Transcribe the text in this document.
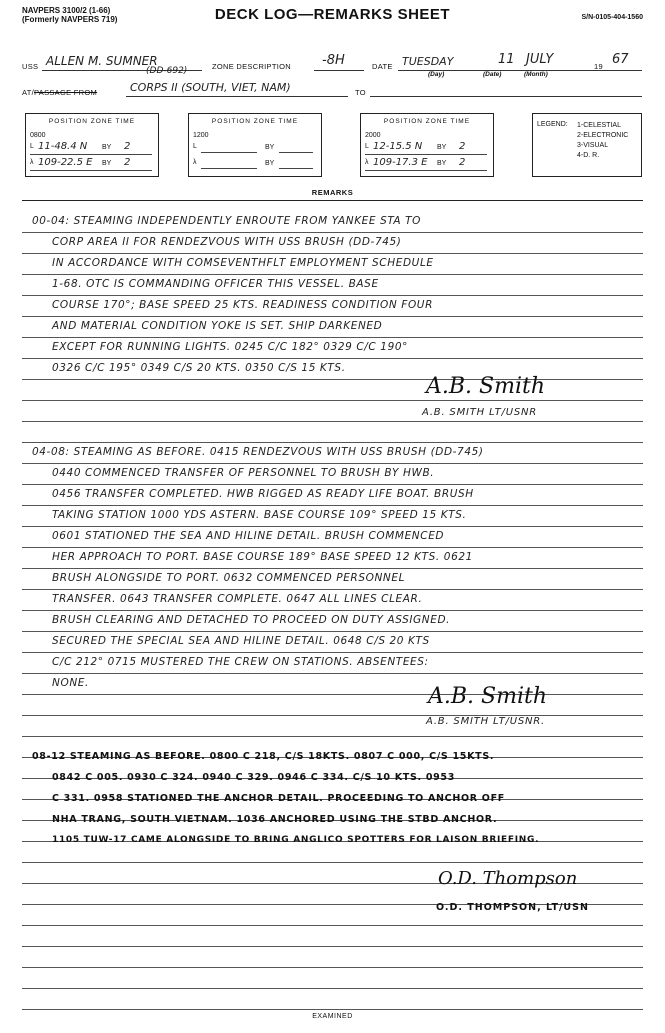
NAVPERS 3100/2 (1-66)
(Formerly NAVPERS 719)	DECK LOG—REMARKS SHEET	S/N-0105-404-1560
USS ALLEN M. SUMNER
(DD-692)	ZONE DESCRIPTION -8H	DATE TUESDAY	11 JULY	19 67
(Day)	(Date)	(Month)
AT/PASSAGE FROM	CORPS II (SOUTH, VIET, NAM)	TO
POSITION ZONE TIME
0800
L 11-48.4 N BY 2
λ 109-22.5 E BY 2
POSITION ZONE TIME
1200
L	BY
λ	BY
POSITION ZONE TIME
2000
L 12-15.5 N BY 2
λ 109-17.3 E BY 2
LEGEND: 1-CELESTIAL
2-ELECTRONIC
3-VISUAL
4-D. R.
REMARKS
00-04: STEAMING INDEPENDENTLY ENROUTE FROM YANKEE STA TO
CORP AREA II FOR RENDEZVOUS WITH USS BRUSH (DD-745)
IN ACCORDANCE WITH COMSEVENTHFLT EMPLOYMENT SCHEDULE
1-68. OTC IS COMMANDING OFFICER THIS VESSEL. BASE
COURSE 170°; BASE SPEED 25 KTS. READINESS CONDITION FOUR
AND MATERIAL CONDITION YOKE IS SET. SHIP DARKENED
EXCEPT FOR RUNNING LIGHTS. 0245 C/C 182° 0329 C/C 190°
0326 C/C 195° 0349 C/S 20 KTS. 0350 C/S 15 KTS.
A.B. Smith
A.B. SMITH LT/USNR
04-08: STEAMING AS BEFORE. 0415 RENDEZVOUS WITH USS BRUSH (DD-745)
0440 COMMENCED TRANSFER OF PERSONNEL TO BRUSH BY HWB.
0456 TRANSFER COMPLETED. HWB RIGGED AS READY LIFE BOAT. BRUSH
TAKING STATION 1000 YDS ASTERN. BASE COURSE 109° SPEED 15 KTS.
0601 STATIONED THE SEA AND HILINE DETAIL. BRUSH COMMENCED
HER APPROACH TO PORT. BASE COURSE 189° BASE SPEED 12 KTS. 0621
BRUSH ALONGSIDE TO PORT. 0632 COMMENCED PERSONNEL
TRANSFER. 0643 TRANSFER COMPLETE. 0647 ALL LINES CLEAR.
BRUSH CLEARING AND DETACHED TO PROCEED ON DUTY ASSIGNED.
SECURED THE SPECIAL SEA AND HILINE DETAIL. 0648 C/S 20 KTS
C/C 212° 0715 MUSTERED THE CREW ON STATIONS. ABSENTEES:
NONE.
A.B. Smith
A.B. SMITH LT/USNR.
08-12 STEAMING AS BEFORE. 0800 C 218, C/S 18KTS. 0807 C 000, C/S 15KTS.
0842 C 005. 0930 C 324. 0940 C 329. 0946 C 334. C/S 10 KTS. 0953
C 331. 0958 STATIONED THE ANCHOR DETAIL. PROCEEDING TO ANCHOR OFF
NHA TRANG, SOUTH VIETNAM. 1036 ANCHORED USING THE STBD ANCHOR.
1105 TUW-17 CAME ALONGSIDE TO BRING ANGLICO SPOTTERS FOR LAISON BRIEFING.
O.D. Thompson
O.D. THOMPSON, LT/USN
EXAMINED
